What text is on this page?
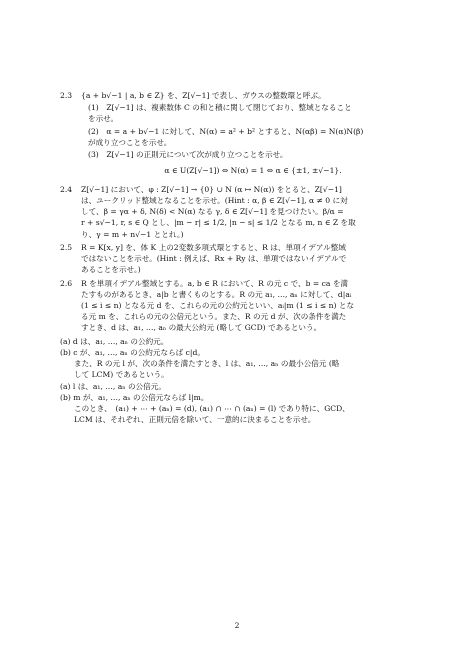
2.3	{a + b√−1 | a, b ∈ Z} を、Z[√−1] で表し、ガウスの整数環と呼ぶ。
(1)　Z[√−1] は、複素数体 C の和と積に関して閉じており、整域となること
を示せ。
(2)　α = a + b√−1 に対して、N(α) = a² + b² とすると、N(αβ) = N(α)N(β)
が成り立つことを示せ。
(3)　Z[√−1] の正則元について次が成り立つことを示せ。
α ∈ U(Z[√−1]) ⇔ N(α) = 1 ⇔ α ∈ {±1, ±√−1}.
2.4	Z[√−1] において、φ : Z[√−1] → {0} ∪ N (α ↦ N(α)) をとると、Z[√−1]
は、ユークリッド整域となることを示せ。(Hint : α, β ∈ Z[√−1], α ≠ 0 に対
して、β = γα + δ, N(δ) < N(α) なる γ, δ ∈ Z[√−1] を見つけたい。β/α =
r + s√−1, r, s ∈ Q とし、|m − r| ≤ 1/2, |n − s| ≤ 1/2 となる m, n ∈ Z を取
り、γ = m + n√−1 ととれ。)
2.5	R = K[x, y] を、体 K 上の2変数多項式環とすると、R は、単項イデアル整域
ではないことを示せ。(Hint : 例えば、Rx + Ry は、単項ではないイデアルで
あることを示せ。)
2.6	R を単項イデアル整域とする。a, b ∈ R において、R の元 c で、b = ca を満
たすものがあるとき、a|b と書くものとする。R の元 a₁, …, aₙ に対して、d|aᵢ
(1 ≤ i ≤ n) となる元 d を、これらの元の公約元といい、aᵢ|m (1 ≤ i ≤ n) とな
る元 m を、これらの元の公倍元という。また、R の元 d が、次の条件を満た
すとき、d は、a₁, …, aₙ の最大公約元 (略して GCD) であるという。
(a) d は、a₁, …, aₙ の公約元。
(b) c が、a₁, …, aₙ の公約元ならば c|d。
また、R の元 l が、次の条件を満たすとき、l は、a₁, …, aₙ の最小公倍元 (略
して LCM) であるという。
(a) l は、a₁, …, aₙ の公倍元。
(b) m が、a₁, …, aₙ の公倍元ならば l|m。
このとき、　(a₁) + ⋯ + (aₙ) = (d), (a₁) ∩ ⋯ ∩ (aₙ) = (l) であり特に、GCD、
LCM は、それぞれ、正則元倍を除いて、一意的に決まることを示せ。
2
